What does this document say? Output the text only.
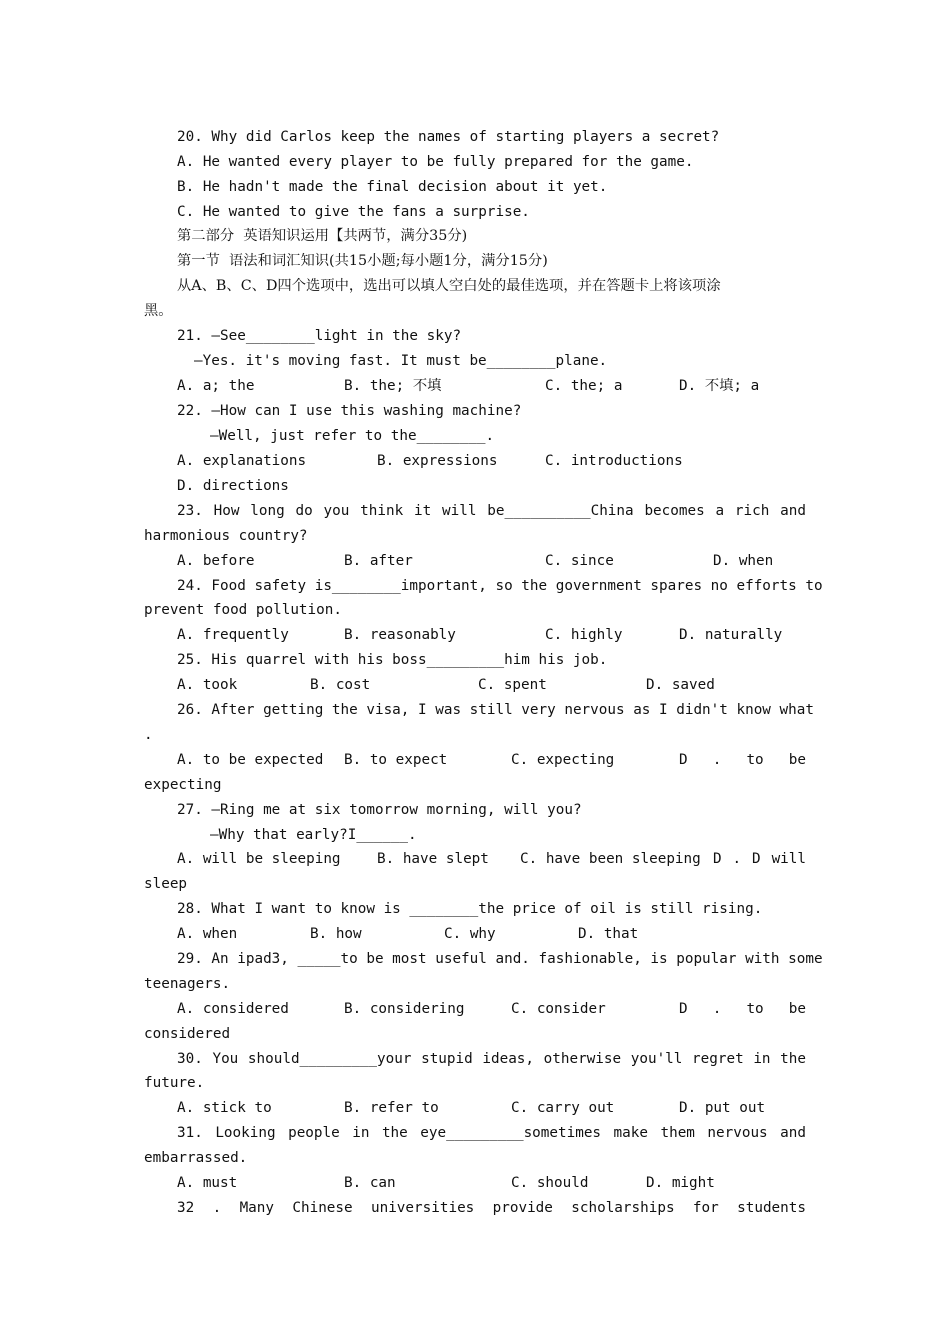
20. Why did Carlos keep the names of starting players a secret?
A. He wanted every player to be fully prepared for the game.
B. He hadn't made the final decision about it yet.
C. He wanted to give the fans a surprise.
第二部分  英语知识运用【共两节，满分35分)
第一节  语法和词汇知识(共15小题;每小题1分，满分15分)
从A、B、C、D四个选项中，选出可以填人空白处的最佳选项，并在答题卡上将该项涂
黑。
21. —See________light in the sky?
—Yes. it's moving fast. It must be________plane.
A. a; the	B. the; 不填	C. the; a	D. 不填; a
22. —How can I use this washing machine?
—Well, just refer to the________.
A. explanations	B. expressions	C. introductions
D. directions
23. How long do you think it will be__________China becomes a rich and
harmonious country?
A. before	B. after	C. since	D. when
24. Food safety is________important, so the government spares no efforts to
prevent food pollution.
A. frequently	B. reasonably	C. highly	D. naturally
25. His quarrel with his boss_________him his job.
A. took	B. cost	C. spent	D. saved
26. After getting the visa, I was still very nervous as I didn't know what
.
A. to be expected B. to expect	C. expecting	D . to be
expecting
27. —Ring me at six tomorrow morning, will you?
—Why that early?I______.
A. will be sleeping	B. have slept C. have been sleeping D . D will
sleep
28. What I want to know is ________the price of oil is still rising.
A. when	B. how	C. why	D. that
29. An ipad3, _____to be most useful and. fashionable, is popular with some
teenagers.
A. considered	B. considering	C. consider	D . to be
considered
30. You should_________your stupid ideas, otherwise you'll regret in the
future.
A. stick to	B. refer to	C. carry out	D. put out
31. Looking people in the eye_________sometimes make them nervous and
embarrassed.
A. must	B. can	C. should	D. might
32 . Many Chinese universities provide scholarships for students
